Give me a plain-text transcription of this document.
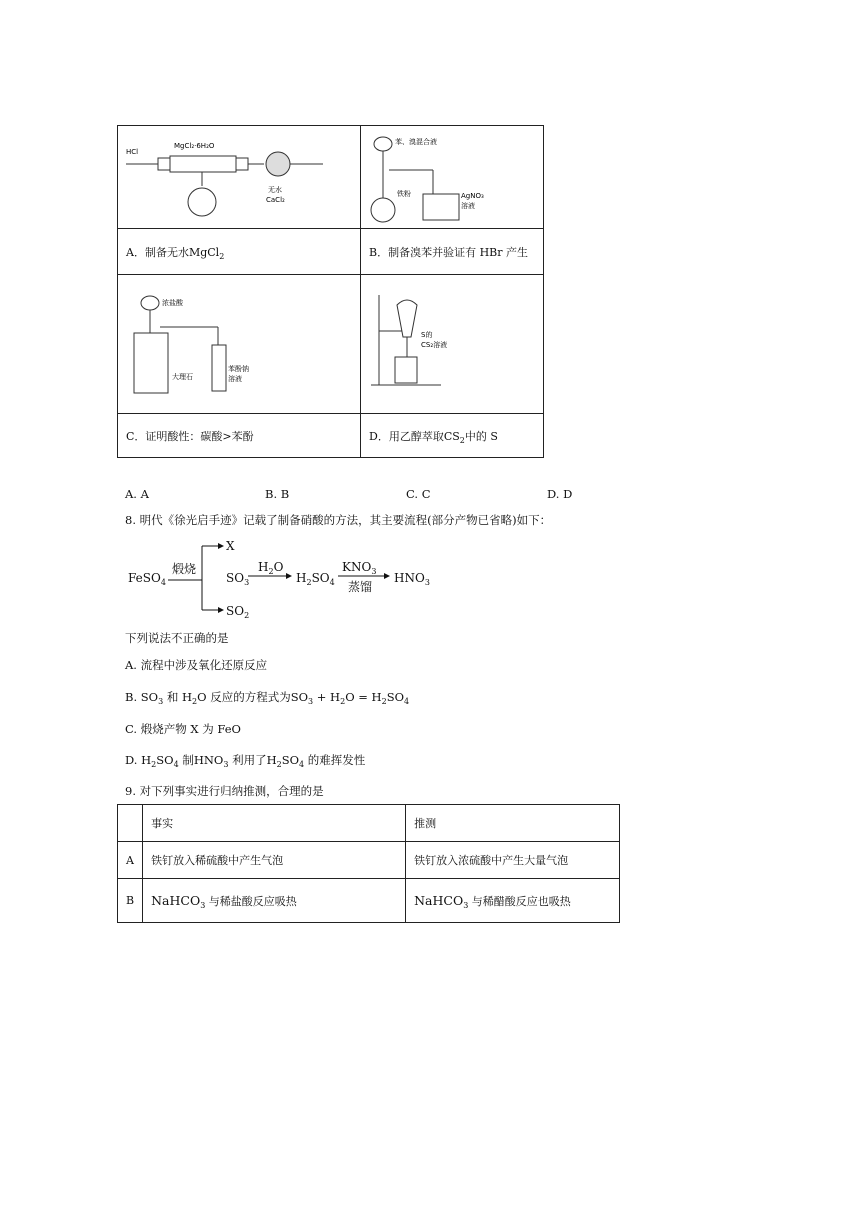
HCl
MgCl₂·6H₂O
无水
CaCl₂	苯、溴混合液
铁粉 AgNO₃
溶液

A．制备无水MgCl$_2$	B．制备溴苯并验证有 HBr 产生

浓盐酸
大理石
苯酚钠
溶液	S的
CS₂溶液

C．证明酸性：碳酸>苯酚	D．用乙醇萃取$CS_2$中的 S
A. A	B. B	C. C	D. D
8. 明代《徐光启手迹》记载了制备硝酸的方法，其主要流程(部分产物已省略)如下：
FeSO$_4$
煅烧
X
$SO_3$
$SO_2$
$H_2O$
$H_2SO_4$
$KNO_3$
蒸馏
$HNO_3$
下列说法不正确的是
A. 流程中涉及氧化还原反应
B. $SO_3$ 和 $H_2O$ 反应的方程式为$SO_3 + H_2O = H_2SO_4$
C. 煅烧产物 X 为 FeO
D. $H_2SO_4$ 制$HNO_3$ 利用了$H_2SO_4$ 的难挥发性
9. 对下列事实进行归纳推测，合理的是
	事实	推测
A	铁钉放入稀硫酸中产生气泡	铁钉放入浓硫酸中产生大量气泡
B	NaHCO$_3$ 与稀盐酸反应吸热	NaHCO$_3$ 与稀醋酸反应也吸热
